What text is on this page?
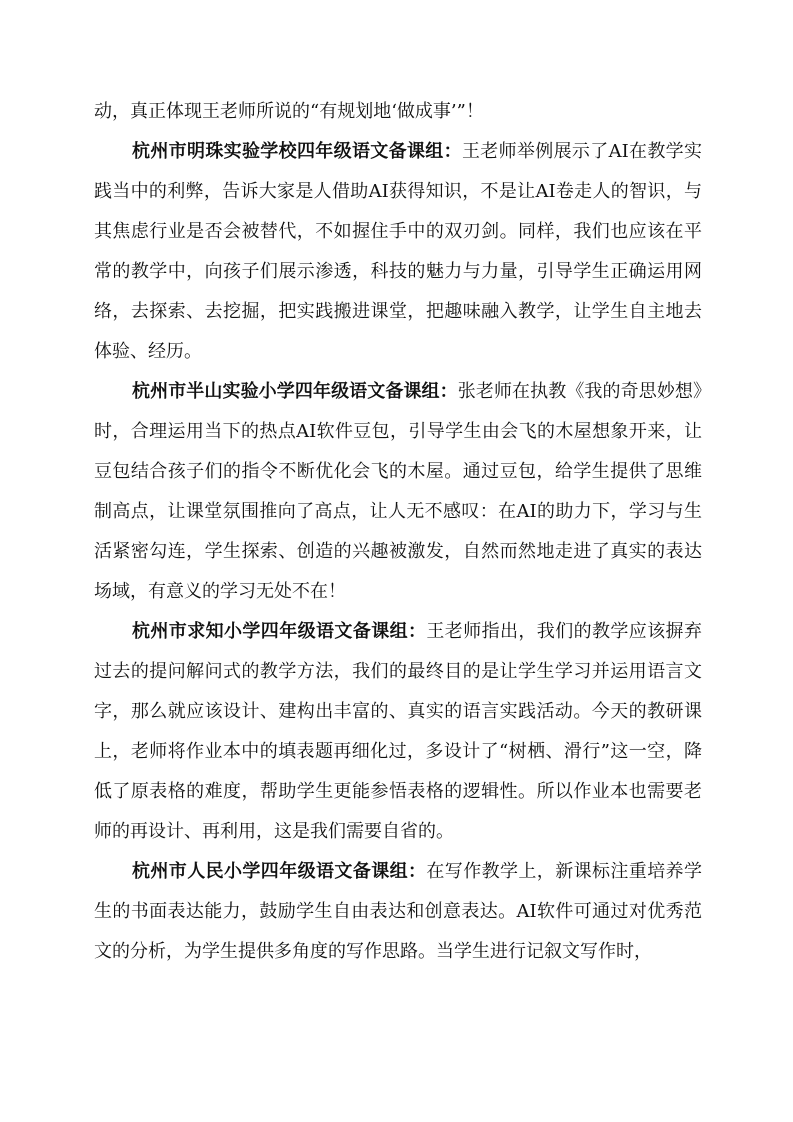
动，真正体现王老师所说的“有规划地‘做成事’”！

杭州市明珠实验学校四年级语文备课组：王老师举例展示了AI在教学实践当中的利弊，告诉大家是人借助AI获得知识，不是让AI卷走人的智识，与其焦虑行业是否会被替代，不如握住手中的双刃剑。同样，我们也应该在平常的教学中，向孩子们展示渗透，科技的魅力与力量，引导学生正确运用网络，去探索、去挖掘，把实践搬进课堂，把趣味融入教学，让学生自主地去体验、经历。

杭州市半山实验小学四年级语文备课组：张老师在执教《我的奇思妙想》时，合理运用当下的热点AI软件豆包，引导学生由会飞的木屋想象开来，让豆包结合孩子们的指令不断优化会飞的木屋。通过豆包，给学生提供了思维制高点，让课堂氛围推向了高点，让人无不感叹：在AI的助力下，学习与生活紧密勾连，学生探索、创造的兴趣被激发，自然而然地走进了真实的表达场域，有意义的学习无处不在！

杭州市求知小学四年级语文备课组：王老师指出，我们的教学应该摒弃过去的提问解问式的教学方法，我们的最终目的是让学生学习并运用语言文字，那么就应该设计、建构出丰富的、真实的语言实践活动。今天的教研课上，老师将作业本中的填表题再细化过，多设计了“树栖、滑行”这一空，降低了原表格的难度，帮助学生更能参悟表格的逻辑性。所以作业本也需要老师的再设计、再利用，这是我们需要自省的。

杭州市人民小学四年级语文备课组：在写作教学上，新课标注重培养学生的书面表达能力，鼓励学生自由表达和创意表达。AI软件可通过对优秀范文的分析，为学生提供多角度的写作思路。当学生进行记叙文写作时，
